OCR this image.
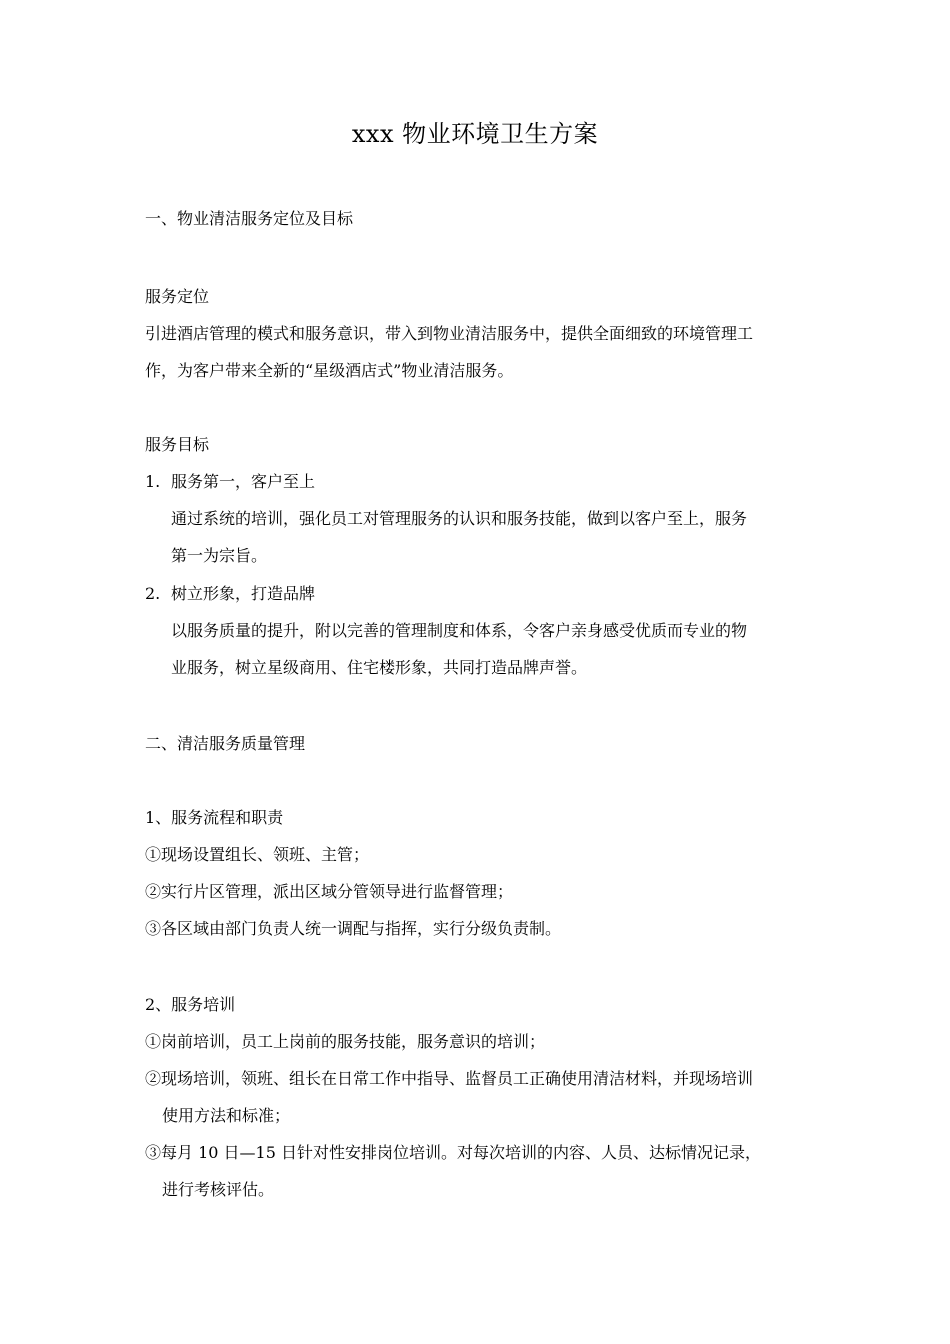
xxx 物业环境卫生方案
一、物业清洁服务定位及目标
服务定位
引进酒店管理的模式和服务意识，带入到物业清洁服务中，提供全面细致的环境管理工
作，为客户带来全新的“星级酒店式”物业清洁服务。
服务目标
1. 服务第一，客户至上
通过系统的培训，强化员工对管理服务的认识和服务技能，做到以客户至上，服务
第一为宗旨。
2. 树立形象，打造品牌
以服务质量的提升，附以完善的管理制度和体系，令客户亲身感受优质而专业的物
业服务，树立星级商用、住宅楼形象，共同打造品牌声誉。
二、清洁服务质量管理
1、服务流程和职责
①现场设置组长、领班、主管；
②实行片区管理，派出区域分管领导进行监督管理；
③各区域由部门负责人统一调配与指挥，实行分级负责制。
2、服务培训
①岗前培训，员工上岗前的服务技能，服务意识的培训；
②现场培训，领班、组长在日常工作中指导、监督员工正确使用清洁材料，并现场培训
使用方法和标准；
③每月 10 日—15 日针对性安排岗位培训。对每次培训的内容、人员、达标情况记录，
进行考核评估。
